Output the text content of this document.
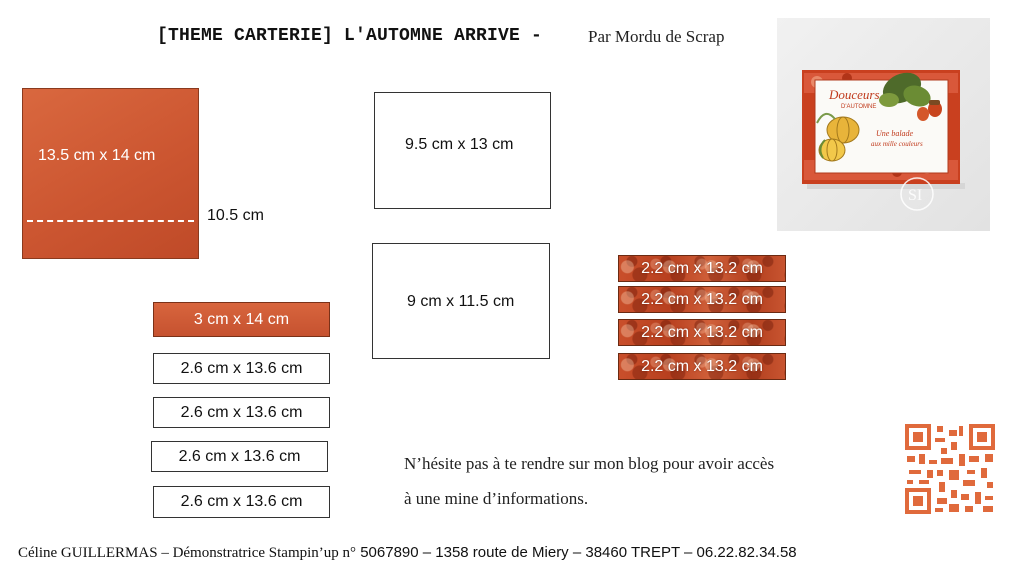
[THEME CARTERIE] L'AUTOMNE ARRIVE -	Par Mordu de Scrap
13.5 cm x 14 cm
10.5 cm
9.5 cm x 13 cm
9 cm x 11.5 cm
3 cm x 14 cm
2.6 cm x 13.6 cm
2.6 cm x 13.6 cm
2.6 cm x 13.6 cm
2.6 cm x 13.6 cm
2.2 cm x 13.2 cm
2.2 cm x 13.2 cm
2.2 cm x 13.2 cm
2.2 cm x 13.2 cm
Douceurs
D'AUTOMNE
Une balade
aux mille couleurs
SI
N’hésite pas à te rendre sur mon blog pour avoir accès
à une mine d’informations.
Céline GUILLERMAS – Démonstratrice Stampin’up n° 5067890 – 1358 route de Miery – 38460 TREPT – 06.22.82.34.58
